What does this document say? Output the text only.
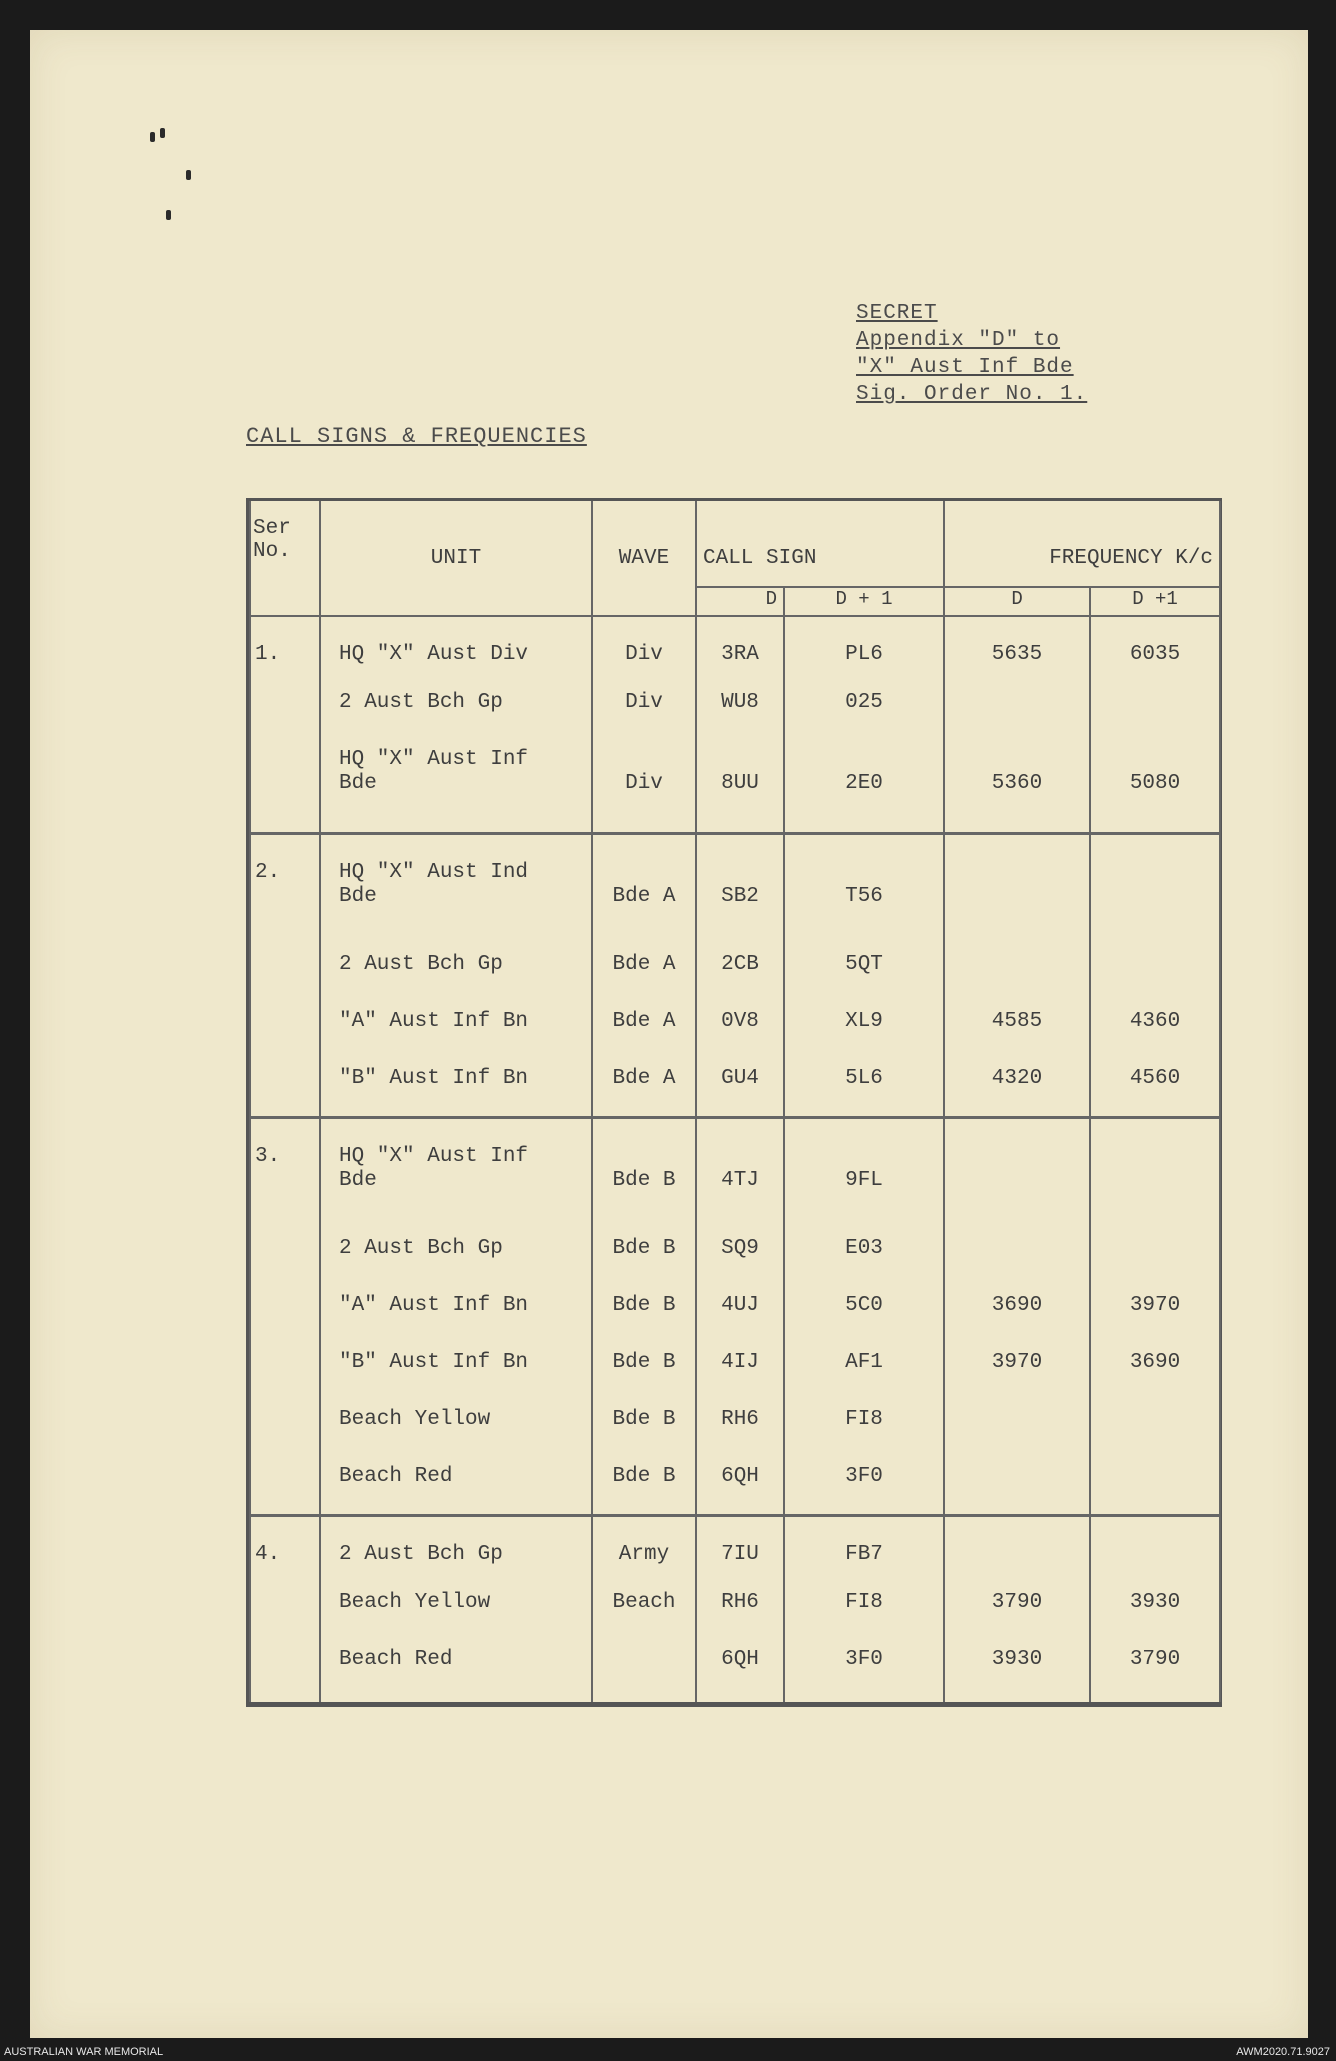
SECRET
Appendix "D" to
"X" Aust Inf Bde
Sig. Order No. 1.
CALL SIGNS & FREQUENCIES
Ser No.	UNIT	WAVE	CALL SIGN		FREQUENCY K/c	
			D	D + 1	D	D +1
1.	HQ "X" Aust Div	Div	3RA	PL6	5635	6035
	2 Aust Bch Gp	Div	WU8	025		
	HQ "X" Aust Inf
Bde	Div	8UU	2E0	5360	5080
2.	HQ "X" Aust Ind
Bde	Bde A	SB2	T56		
	2 Aust Bch Gp	Bde A	2CB	5QT		
	"A" Aust Inf Bn	Bde A	0V8	XL9	4585	4360
	"B" Aust Inf Bn	Bde A	GU4	5L6	4320	4560
3.	HQ "X" Aust Inf
Bde	Bde B	4TJ	9FL		
	2 Aust Bch Gp	Bde B	SQ9	E03		
	"A" Aust Inf Bn	Bde B	4UJ	5C0	3690	3970
	"B" Aust Inf Bn	Bde B	4IJ	AF1	3970	3690
	Beach Yellow	Bde B	RH6	FI8		
	Beach Red	Bde B	6QH	3F0		
4.	2 Aust Bch Gp	Army	7IU	FB7		
	Beach Yellow	Beach	RH6	FI8	3790	3930
	Beach Red		6QH	3F0	3930	3790
AUSTRALIAN WAR MEMORIAL	AWM2020.71.9027
